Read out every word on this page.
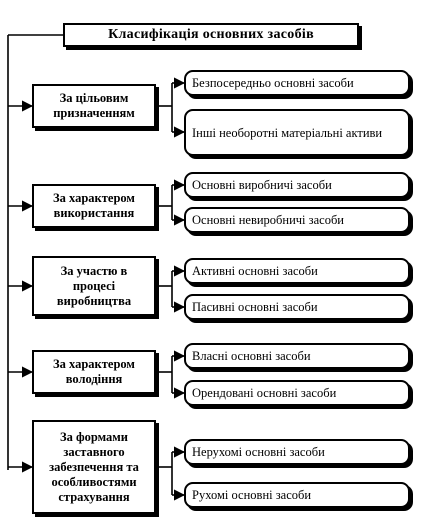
Класифікація основних засобів
За цільовим призначенням
Безпосередньо основні засоби
Інші необоротні матеріальні активи
За характером використання
Основні виробничі засоби
Основні невиробничі засоби
За участю в процесі виробництва
Активні основні засоби
Пасивні основні засоби
За характером володіння
Власні основні засоби
Орендовані основні засоби
За формами заставного забезпечення та особливостями страхування
Нерухомі основні засоби
Рухомі основні засоби
